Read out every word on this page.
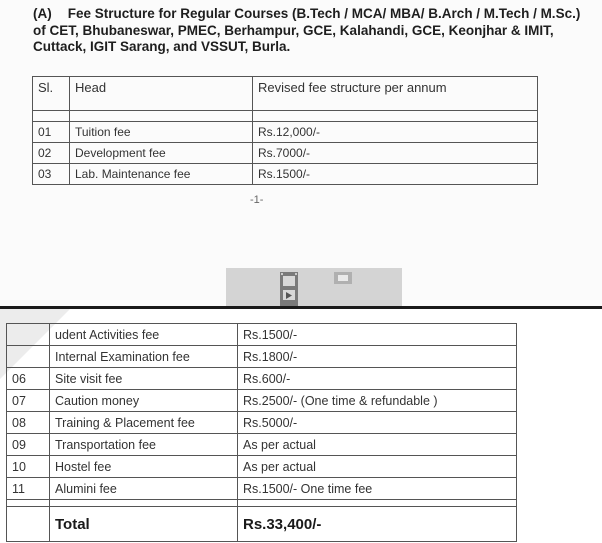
(A) Fee Structure for Regular Courses (B.Tech / MCA/ MBA/ B.Arch / M.Tech / M.Sc.) of CET, Bhubaneswar, PMEC, Berhampur, GCE, Kalahandi, GCE, Keonjhar & IMIT, Cuttack, IGIT Sarang, and VSSUT, Burla.
Sl.	Head	Revised fee structure per annum

01	Tuition fee	Rs.12,000/-
02	Development fee	Rs.7000/-
03	Lab. Maintenance fee	Rs.1500/-
-1-
	udent Activities fee	Rs.1500/-
	Internal Examination fee	Rs.1800/-
06	Site visit fee	Rs.600/-
07	Caution money	Rs.2500/- (One time & refundable )
08	Training & Placement fee	Rs.5000/-
09	Transportation fee	As per actual
10	Hostel fee	As per actual
11	Alumini fee	Rs.1500/- One time fee

	Total	Rs.33,400/-
